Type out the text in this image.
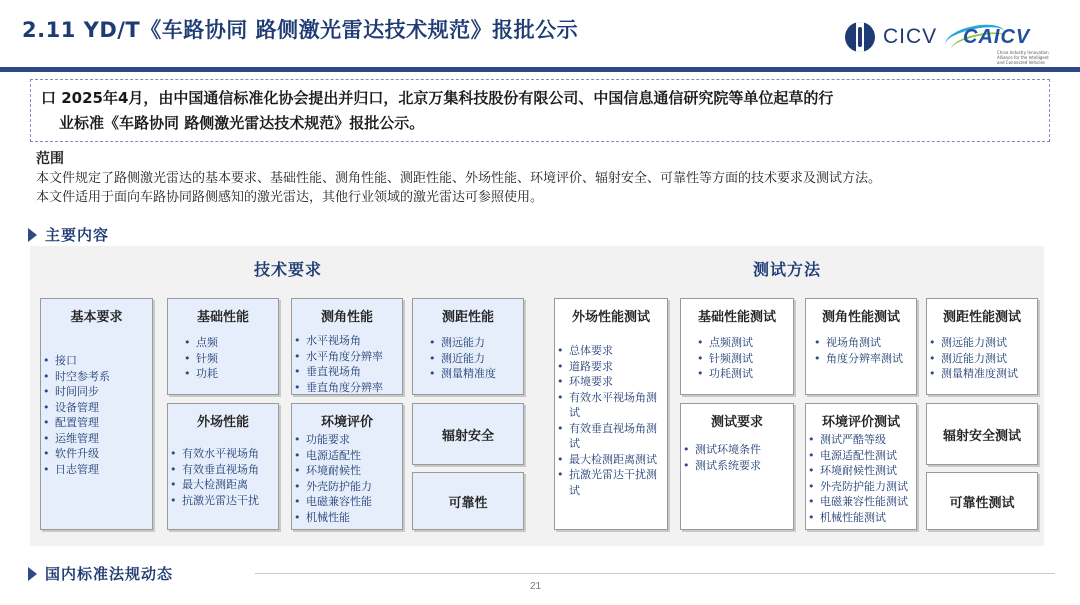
2.11 YD/T《车路协同 路侧激光雷达技术规范》报批公示	CICV CAICV
China Industry Innovation Alliance for the Intelligent and Connected Vehicles

口 2025年4月，由中国通信标准化协会提出并归口，北京万集科技股份有限公司、中国信息通信研究院等单位起草的行

业标准《车路协同 路侧激光雷达技术规范》报批公示。

范围
本文件规定了路侧激光雷达的基本要求、基础性能、测角性能、测距性能、外场性能、环境评价、辐射安全、可靠性等方面的技术要求及测试方法。
本文件适用于面向车路协同路侧感知的激光雷达，其他行业领域的激光雷达可参照使用。
主要内容
技术要求	测试方法
基本要求
• 接口
• 时空参考系
• 时间同步
• 设备管理
• 配置管理
• 运维管理
• 软件升级
• 日志管理
基础性能
• 点频
• 针频
• 功耗
测角性能
• 水平视场角
• 水平角度分辨率
• 垂直视场角
• 垂直角度分辨率
测距性能
• 测远能力
• 测近能力
• 测量精准度
外场性能
• 有效水平视场角
• 有效垂直视场角
• 最大检测距离
• 抗激光雷达干扰
环境评价
• 功能要求
• 电源适配性
• 环境耐候性
• 外壳防护能力
• 电磁兼容性能
• 机械性能
辐射安全
可靠性
外场性能测试
• 总体要求
• 道路要求
• 环境要求
• 有效水平视场角测试
• 有效垂直视场角测试
• 最大检测距离测试
• 抗激光雷达干扰测试
基础性能测试
• 点频测试
• 针频测试
• 功耗测试
测角性能测试
• 视场角测试
• 角度分辨率测试
测距性能测试
• 测远能力测试
• 测近能力测试
• 测量精准度测试
测试要求
• 测试环境条件
• 测试系统要求
环境评价测试
• 测试严酷等级
• 电源适配性测试
• 环境耐候性测试
• 外壳防护能力测试
• 电磁兼容性能测试
• 机械性能测试
辐射安全测试
可靠性测试
国内标准法规动态
21
